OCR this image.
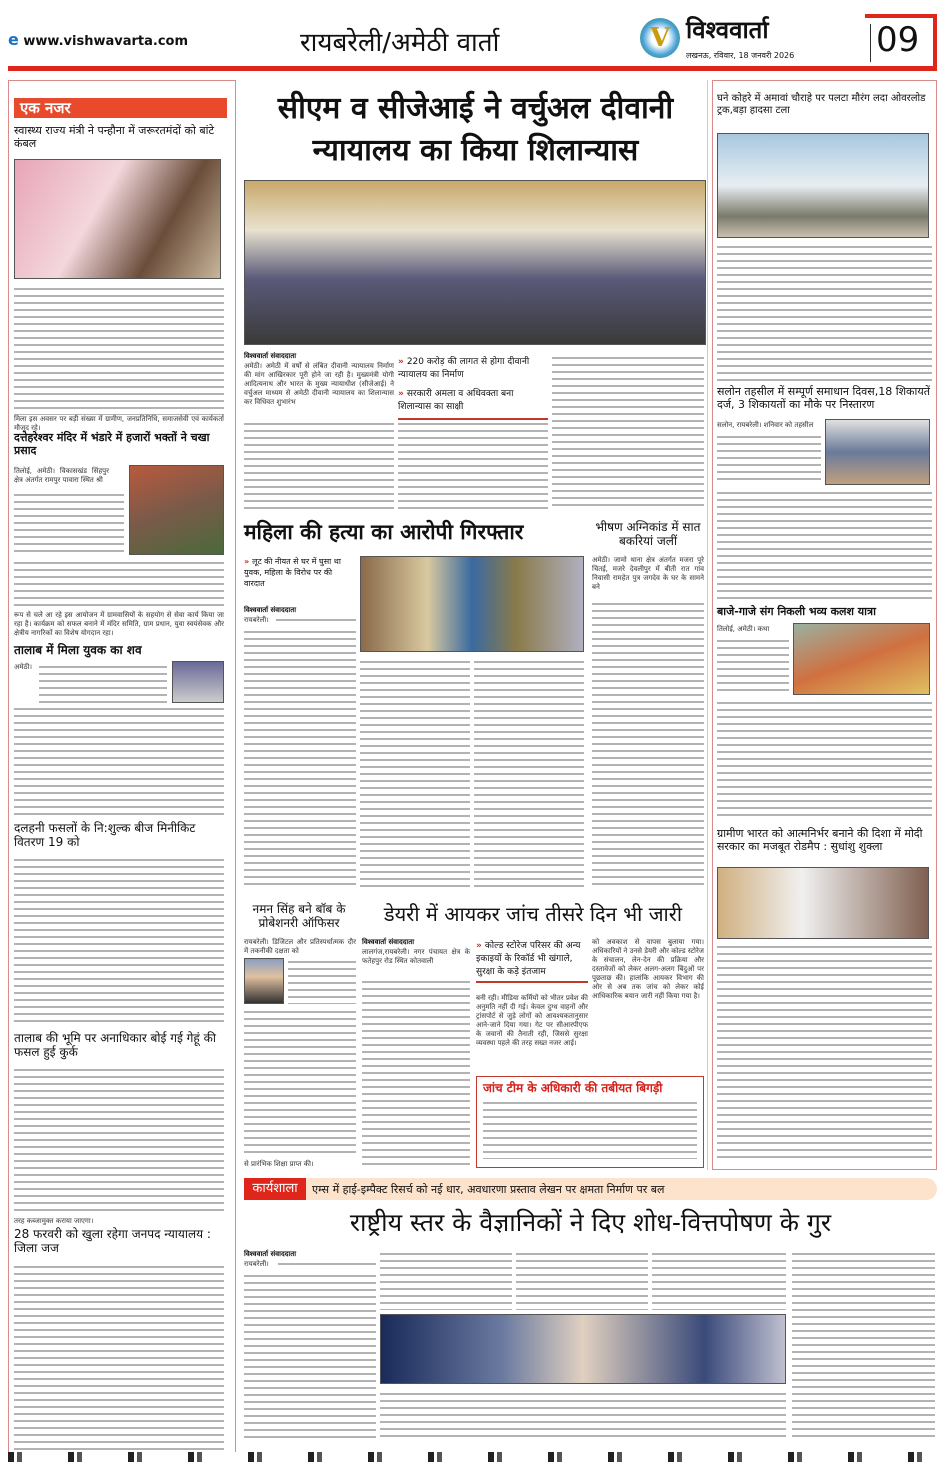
e www.vishwavarta.com	रायबरेली/अमेठी वार्ता	V विश्ववार्ता
लखनऊ, रविवार, 18 जनवरी 2026 09
एक नजर
स्वास्थ्य राज्य मंत्री ने पन्हौना में जरूरतमंदों को बांटे कंबल
मिला इस अवसर पर बड़ी संख्या में ग्रामीण, जनप्रतिनिधि, समाजसेवी एवं कार्यकर्ता मौजूद रहे।
दत्तेहरेश्वर मंदिर में भंडारे में हजारों भक्तों ने चखा प्रसाद
तिलोई, अमेठी। विकासखंड सिंहपुर क्षेत्र अंतर्गत रामपुर पावारा स्थित श्री
रूप से चले आ रहे इस आयोजन में ग्रामवासियों के सहयोग से सेवा कार्य किया जा रहा है। कार्यक्रम को सफल बनाने में मंदिर समिति, ग्राम प्रधान, युवा स्वयंसेवक और क्षेत्रीय नागरिकों का विशेष योगदान रहा।
तालाब में मिला युवक का शव
अमेठी।
दलहनी फसलों के नि:शुल्क बीज मिनीकिट वितरण 19 को
तालाब की भूमि पर अनाधिकार बोई गई गेहूं की फसल हुई कुर्क
तरह कब्जामुक्त कराया जाएगा।
28 फरवरी को खुला रहेगा जनपद न्यायालय : जिला जज
सीएम व सीजेआई ने वर्चुअल दीवानी न्यायालय का किया शिलान्यास
विश्ववार्ता संवाददाता
अमेठी। अमेठी में वर्षों से लंबित दीवानी न्यायालय निर्माण की मांग आखिरकार पूरी होने जा रही है। मुख्यमंत्री योगी आदित्यनाथ और भारत के मुख्य न्यायाधीश (सीजेआई) ने वर्चुअल माध्यम से अमेठी दीवानी न्यायालय का शिलान्यास कर विधिवत शुभारंभ
» 220 करोड़ की लागत से होगा दीवानी न्यायालय का निर्माण
» सरकारी अमला व अधिवक्ता बना शिलान्यास का साक्षी
महिला की हत्या का आरोपी गिरफ्तार
» लूट की नीयत से घर में घुसा था युवक, महिला के विरोध पर की वारदात
विश्ववार्ता संवाददाता
रायबरेली।
भीषण अग्निकांड में सात बकरियां जलीं
अमेठी। जामो थाना क्षेत्र अंतर्गत मजरा पूरे चितई, मजरे देवलीपुर में बीती रात गांव निवासी रामहेत पुत्र जगदेव के घर के सामने बने
नमन सिंह बने बॉब के प्रोबेशनरी ऑफिसर
रायबरेली। डिजिटल और प्रतिस्पर्धात्मक दौर में तकनीकी दक्षता को
से प्रारंभिक शिक्षा प्राप्त की।
डेयरी में आयकर जांच तीसरे दिन भी जारी
विश्ववार्ता संवाददाता
लालगंज,रायबरेली। नगर पंचायत क्षेत्र के फतेहपुर रोड स्थित कोतवाली
» कोल्ड स्टोरेज परिसर की अन्य इकाइयों के रिकॉर्ड भी खंगाले, सुरक्षा के कड़े इंतजाम
बनी रही। मीडिया कर्मियों को भीतर प्रवेश की अनुमति नहीं दी गई। केवल दुग्ध वाहनों और ट्रांसपोर्ट से जुड़े लोगों को आवश्यकतानुसार आने-जाने दिया गया। गेट पर सीआरपीएफ के जवानों की तैनाती रही, जिससे सुरक्षा व्यवस्था पहले की तरह सख्त नजर आई।
को अवकाश से वापस बुलाया गया। अधिकारियों ने उनसे डेयरी और कोल्ड स्टोरेज के संचालन, लेन-देन की प्रक्रिया और दस्तावेजों को लेकर अलग-अलग बिंदुओं पर पूछताछ की। हालांकि आयकर विभाग की ओर से अब तक जांच को लेकर कोई आधिकारिक बयान जारी नहीं किया गया है।
जांच टीम के अधिकारी की तबीयत बिगड़ी
घने कोहरे में अमावां चौराहे पर पलटा मौरंग लदा ओवरलोड ट्रक,बड़ा हादसा टला
सलोन तहसील में सम्पूर्ण समाधान दिवस,18 शिकायतें दर्ज, 3 शिकायतों का मौके पर निस्तारण
सलोन, रायबरेली। शनिवार को तहसील
बाजे-गाजे संग निकली भव्य कलश यात्रा
तिलोई, अमेठी। कथा
ग्रामीण भारत को आत्मनिर्भर बनाने की दिशा में मोदी सरकार का मजबूत रोडमैप : सुधांशु शुक्ला
कार्यशाला	एम्स में हाई-इम्पैक्ट रिसर्च को नई धार, अवधारणा प्रस्ताव लेखन पर क्षमता निर्माण पर बल
राष्ट्रीय स्तर के वैज्ञानिकों ने दिए शोध-वित्तपोषण के गुर
विश्ववार्ता संवाददाता
रायबरेली।
